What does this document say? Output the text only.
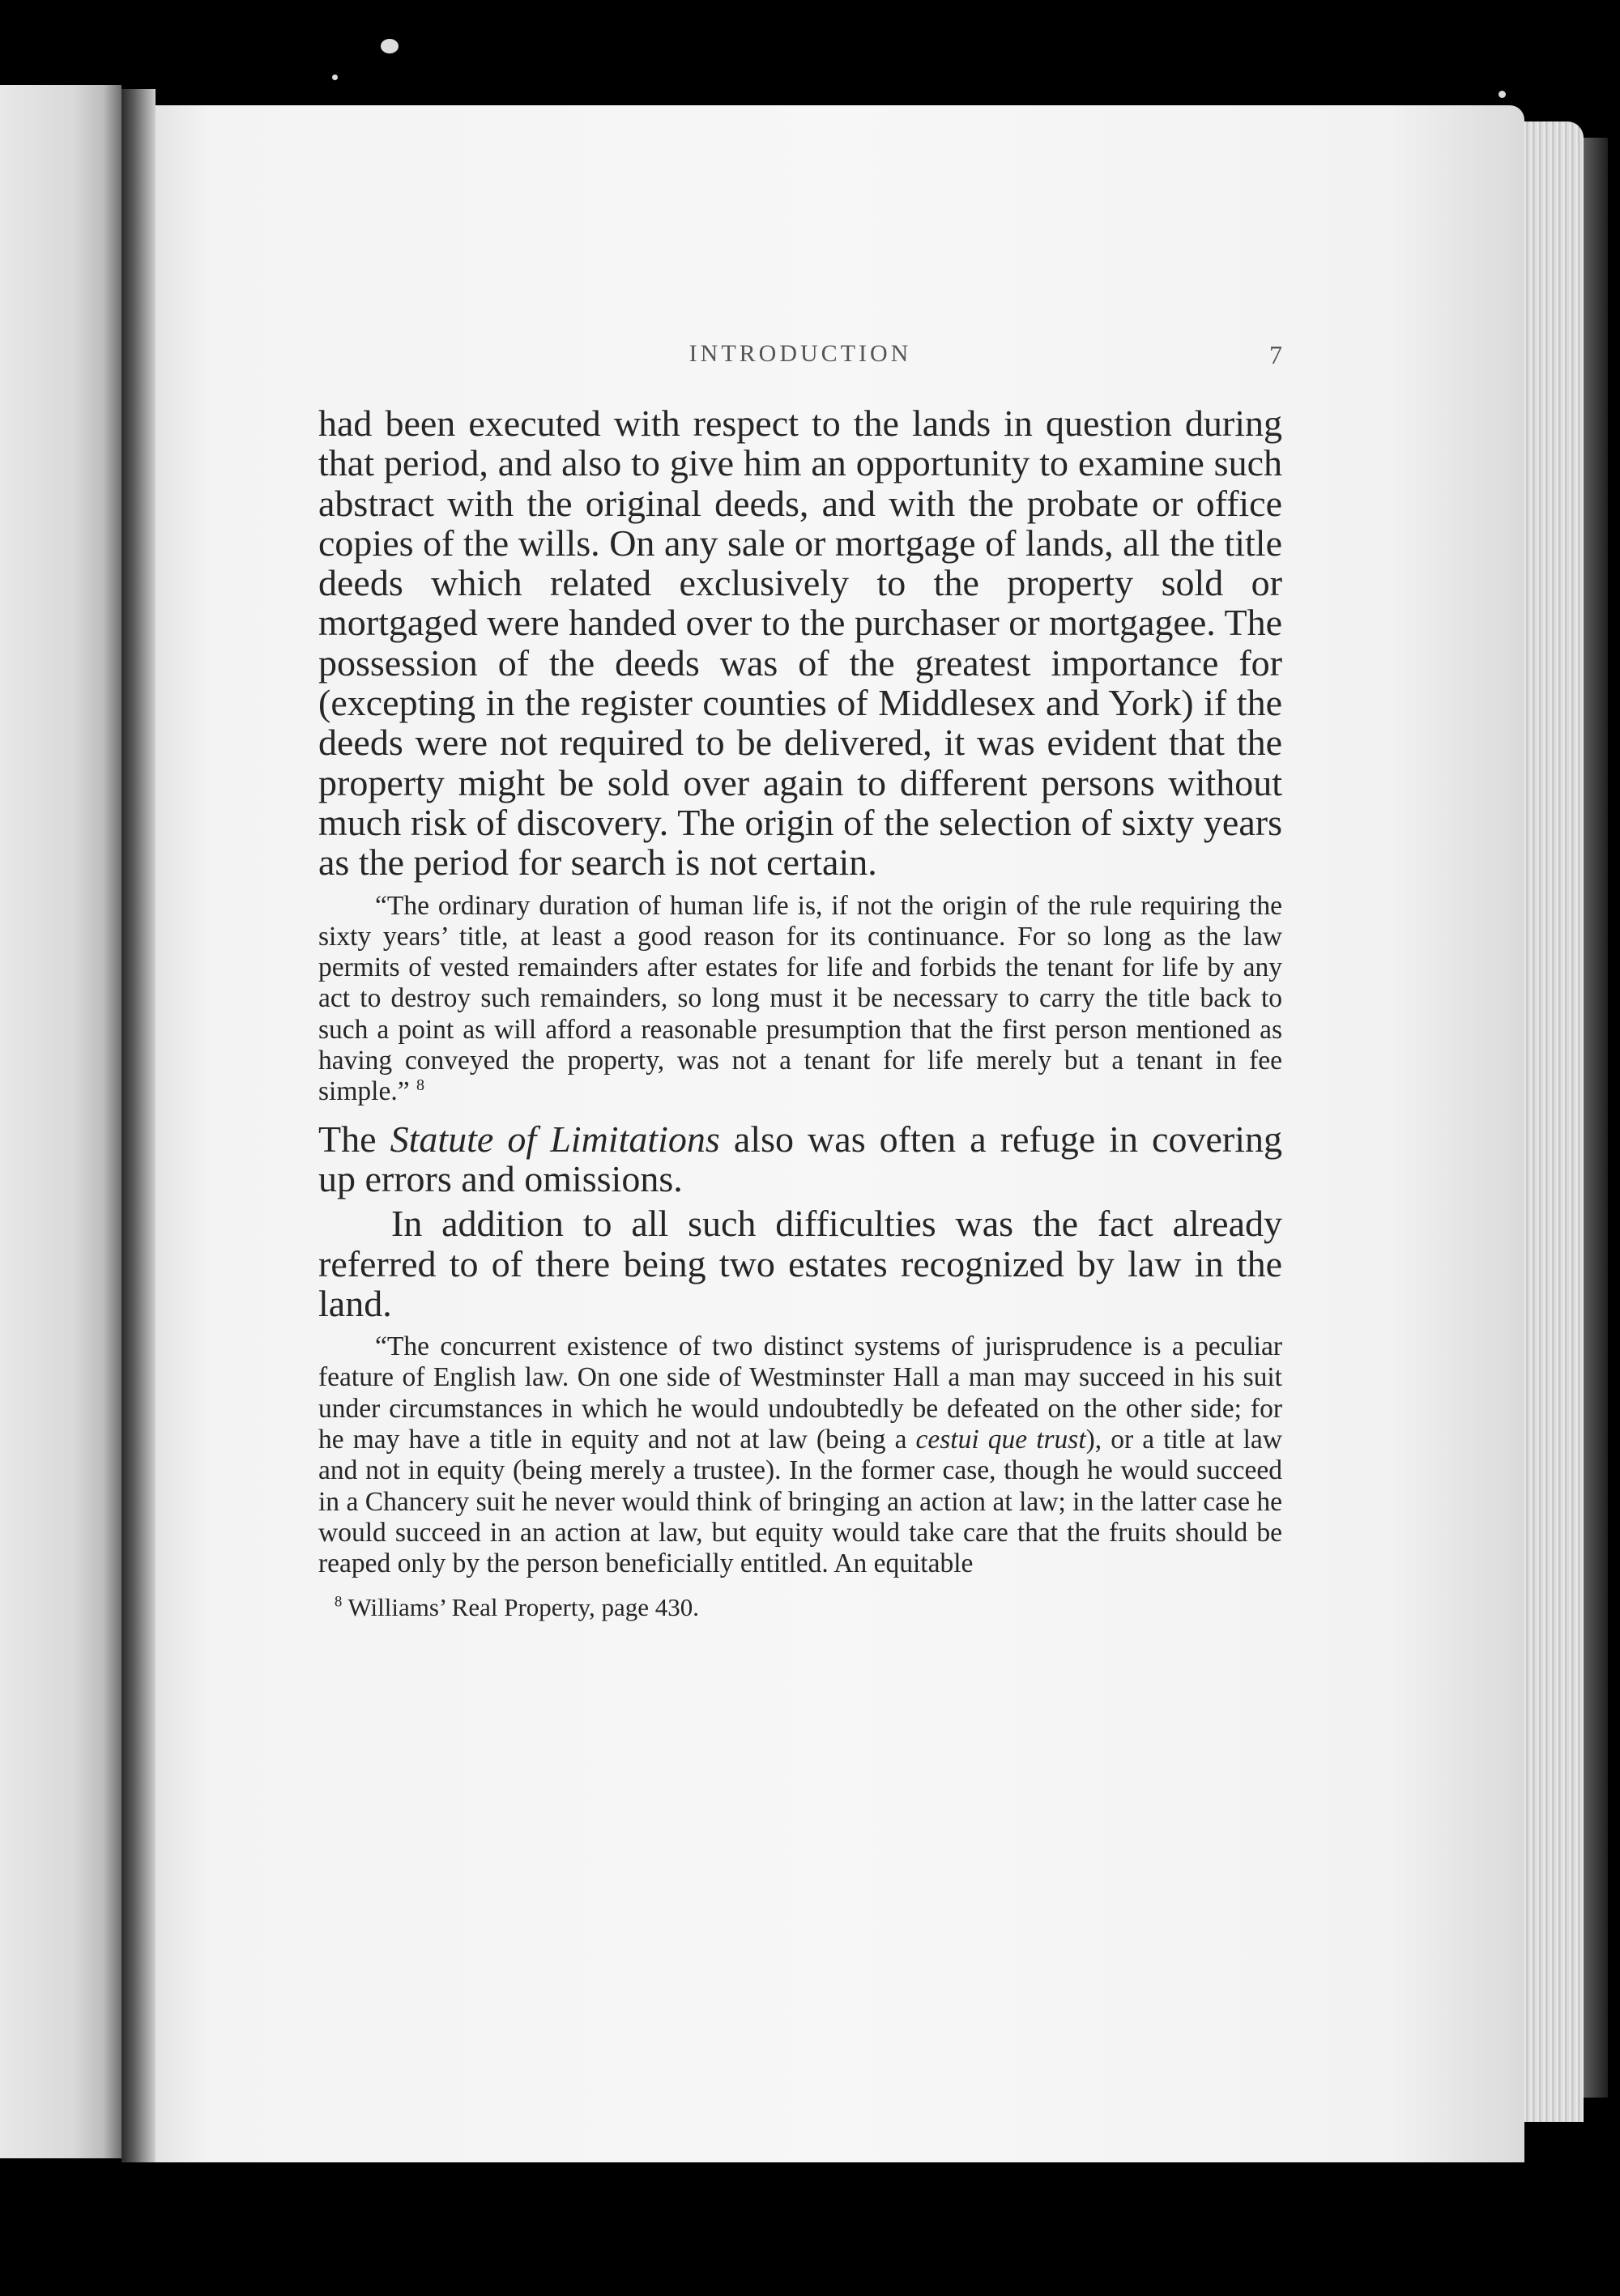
INTRODUCTION	7

had been executed with respect to the lands in question during that period, and also to give him an opportunity to examine such abstract with the original deeds, and with the probate or office copies of the wills. On any sale or mortgage of lands, all the title deeds which related exclusively to the property sold or mortgaged were handed over to the purchaser or mortgagee. The possession of the deeds was of the greatest importance for (excepting in the register counties of Middlesex and York) if the deeds were not required to be delivered, it was evident that the property might be sold over again to different persons without much risk of discovery. The origin of the selection of sixty years as the period for search is not certain.

“The ordinary duration of human life is, if not the origin of the rule requiring the sixty years’ title, at least a good reason for its continuance. For so long as the law permits of vested remainders after estates for life and forbids the tenant for life by any act to destroy such remainders, so long must it be necessary to carry the title back to such a point as will afford a reasonable presumption that the first person mentioned as having conveyed the property, was not a tenant for life merely but a tenant in fee simple.” $^8$

The Statute of Limitations also was often a refuge in covering up errors and omissions.

In addition to all such difficulties was the fact already referred to of there being two estates recognized by law in the land.

“The concurrent existence of two distinct systems of jurisprudence is a peculiar feature of English law. On one side of Westminster Hall a man may succeed in his suit under circumstances in which he would undoubtedly be defeated on the other side; for he may have a title in equity and not at law (being a cestui que trust), or a title at law and not in equity (being merely a trustee). In the former case, though he would succeed in a Chancery suit he never would think of bringing an action at law; in the latter case he would succeed in an action at law, but equity would take care that the fruits should be reaped only by the person beneficially entitled. An equitable

$^8$ Williams’ Real Property, page 430.
